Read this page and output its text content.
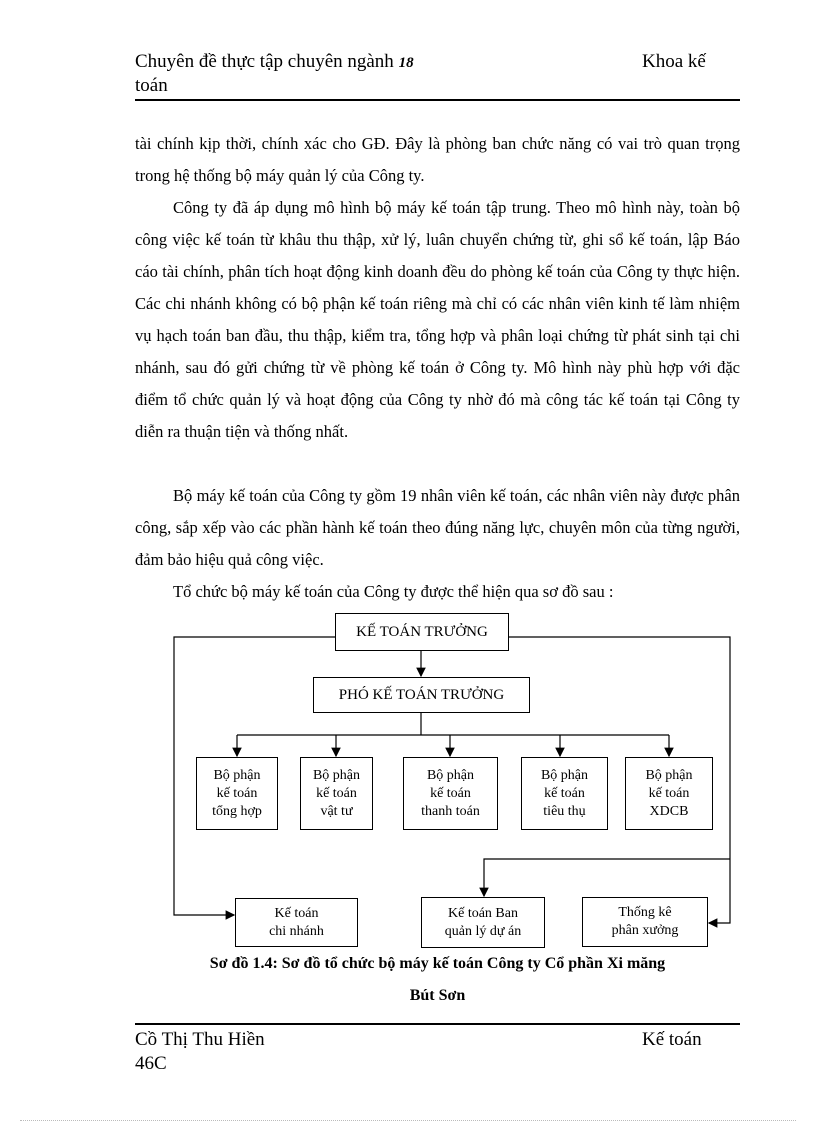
Chuyên đề thực tập chuyên ngành 18	Khoa kế
toán

tài chính kịp thời, chính xác cho GĐ. Đây là phòng ban chức năng có vai trò quan trọng trong hệ thống bộ máy quản lý của Công ty.

Công ty đã áp dụng mô hình bộ máy kế toán tập trung. Theo mô hình này, toàn bộ công việc kế toán từ khâu thu thập, xử lý, luân chuyển chứng từ, ghi sổ kế toán, lập Báo cáo tài chính, phân tích hoạt động kinh doanh đều do phòng kế toán của Công ty thực hiện. Các chi nhánh không có bộ phận kế toán riêng mà chỉ có các nhân viên kinh tế làm nhiệm vụ hạch toán ban đầu, thu thập, kiểm tra, tổng hợp và phân loại chứng từ phát sinh tại chi nhánh, sau đó gửi chứng từ về phòng kế toán ở Công ty. Mô hình này phù hợp với đặc điểm tổ chức quản lý và hoạt động của Công ty nhờ đó mà công tác kế toán tại Công ty diễn ra thuận tiện và thống nhất.

Bộ máy kế toán của Công ty gồm 19 nhân viên kế toán, các nhân viên này được phân công, sắp xếp vào các phần hành kế toán theo đúng năng lực, chuyên môn của từng người, đảm bảo hiệu quả công việc.

Tổ chức bộ máy kế toán của Công ty được thể hiện qua sơ đồ sau :

KẾ TOÁN TRƯỞNG
PHÓ KẾ TOÁN TRƯỞNG
Bộ phận
kế toán
tổng hợp
Bộ phận
kế toán
vật tư
Bộ phận
kế toán
thanh toán
Bộ phận
kế toán
tiêu thụ
Bộ phận
kế toán
XDCB
Kế toán
chi nhánh
Kế toán Ban
quản lý dự án
Thống kê
phân xưởng

Sơ đồ 1.4: Sơ đồ tổ chức bộ máy kế toán Công ty Cổ phần Xi măng

Bút Sơn

Cồ Thị Thu Hiền	Kế toán
46C
